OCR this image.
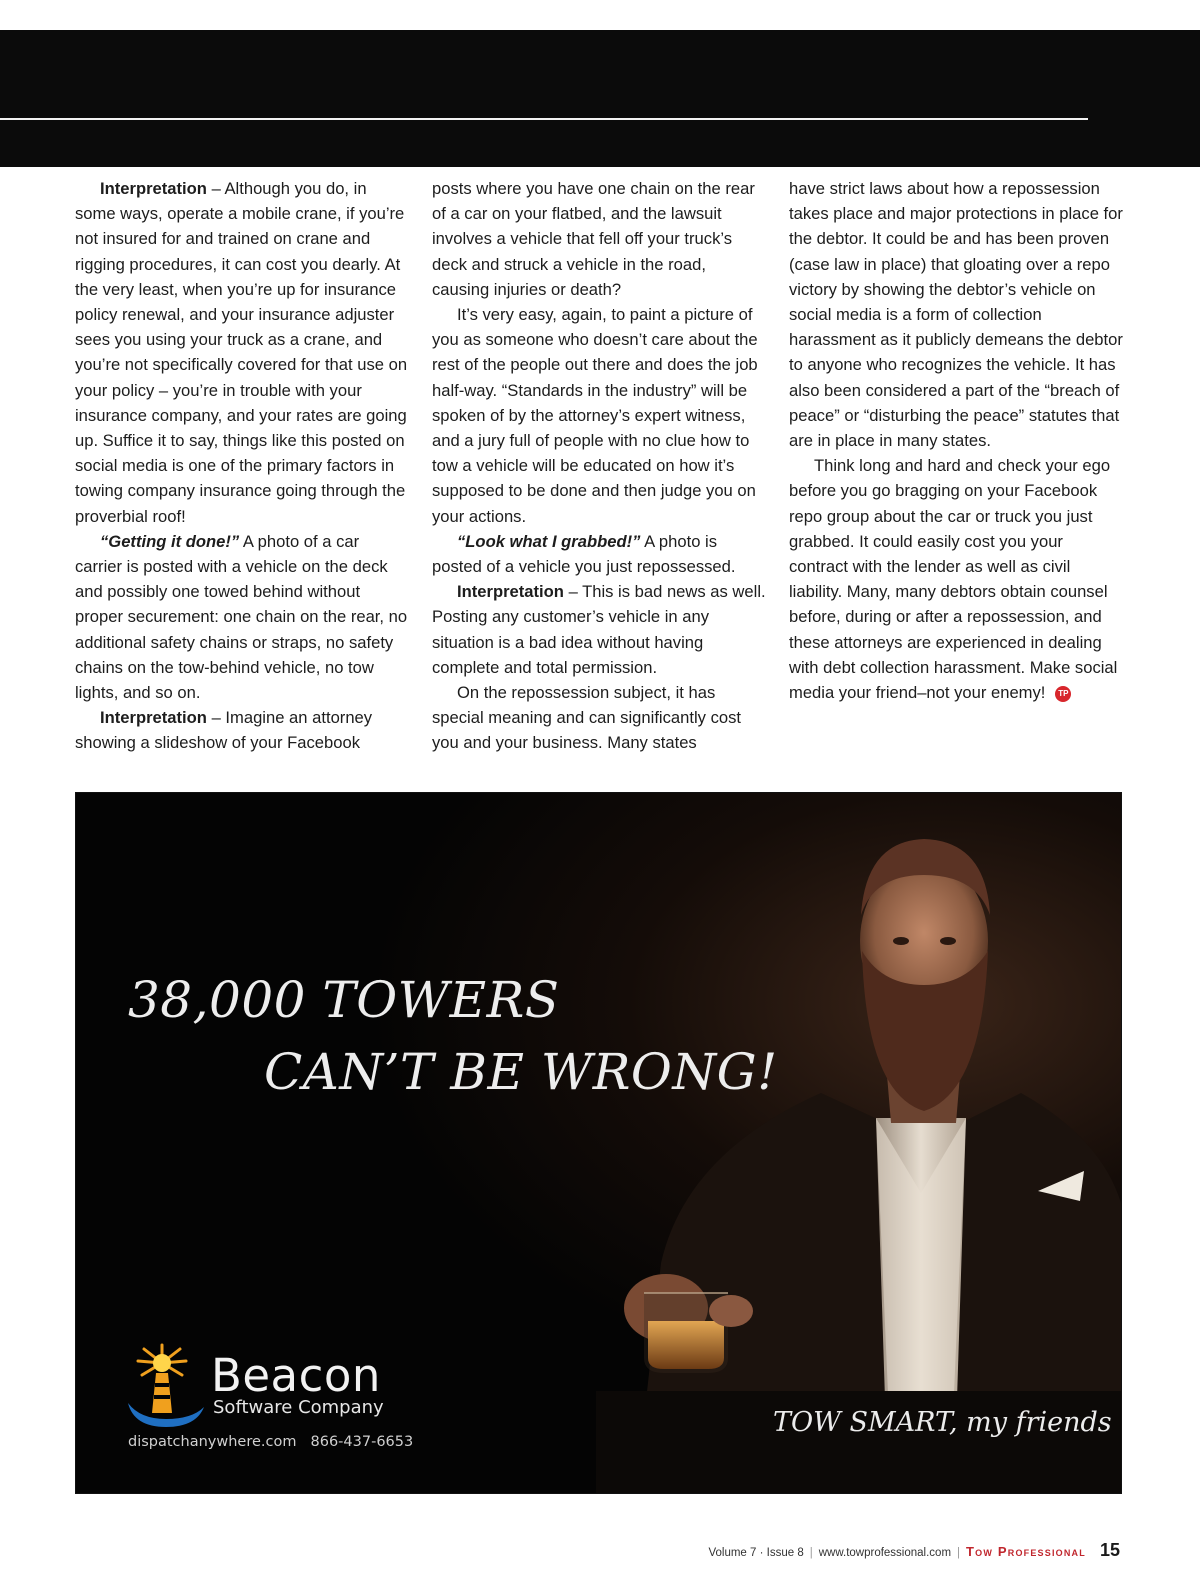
Interpretation – Although you do, in some ways, operate a mobile crane, if you’re not insured for and trained on crane and rigging procedures, it can cost you dearly. At the very least, when you’re up for insurance policy renewal, and your insurance adjuster sees you using your truck as a crane, and you’re not specifically covered for that use on your policy – you’re in trouble with your insurance company, and your rates are going up. Suffice it to say, things like this posted on social media is one of the primary factors in towing company insurance going through the proverbial roof!

“Getting it done!” A photo of a car carrier is posted with a vehicle on the deck and possibly one towed behind without proper securement: one chain on the rear, no additional safety chains or straps, no safety chains on the tow-behind vehicle, no tow lights, and so on.

Interpretation – Imagine an attorney showing a slideshow of your Facebook

posts where you have one chain on the rear of a car on your flatbed, and the lawsuit involves a vehicle that fell off your truck’s deck and struck a vehicle in the road, causing injuries or death?

It’s very easy, again, to paint a picture of you as someone who doesn’t care about the rest of the people out there and does the job half-way. “Standards in the industry” will be spoken of by the attorney’s expert witness, and a jury full of people with no clue how to tow a vehicle will be educated on how it’s supposed to be done and then judge you on your actions.

“Look what I grabbed!” A photo is posted of a vehicle you just repossessed.

Interpretation – This is bad news as well. Posting any customer’s vehicle in any situation is a bad idea without having complete and total permission.

On the repossession subject, it has special meaning and can significantly cost you and your business. Many states

have strict laws about how a repossession takes place and major protections in place for the debtor. It could be and has been proven (case law in place) that gloating over a repo victory by showing the debtor’s vehicle on social media is a form of collection harassment as it publicly demeans the debtor to anyone who recognizes the vehicle. It has also been considered a part of the “breach of peace” or “disturbing the peace” statutes that are in place in many states.

Think long and hard and check your ego before you go bragging on your Facebook repo group about the car or truck you just grabbed. It could easily cost you your contract with the lender as well as civil liability. Many, many debtors obtain counsel before, during or after a repossession, and these attorneys are experienced in dealing with debt collection harassment. Make social media your friend–not your enemy! TP

38,000 TOWERS
CAN’T BE WRONG!
Beacon
Software Company
dispatchanywhere.com 866-437-6653
TOW SMART, my friends
Volume 7 · Issue 8 | www.towprofessional.com | Tow Professional 15
